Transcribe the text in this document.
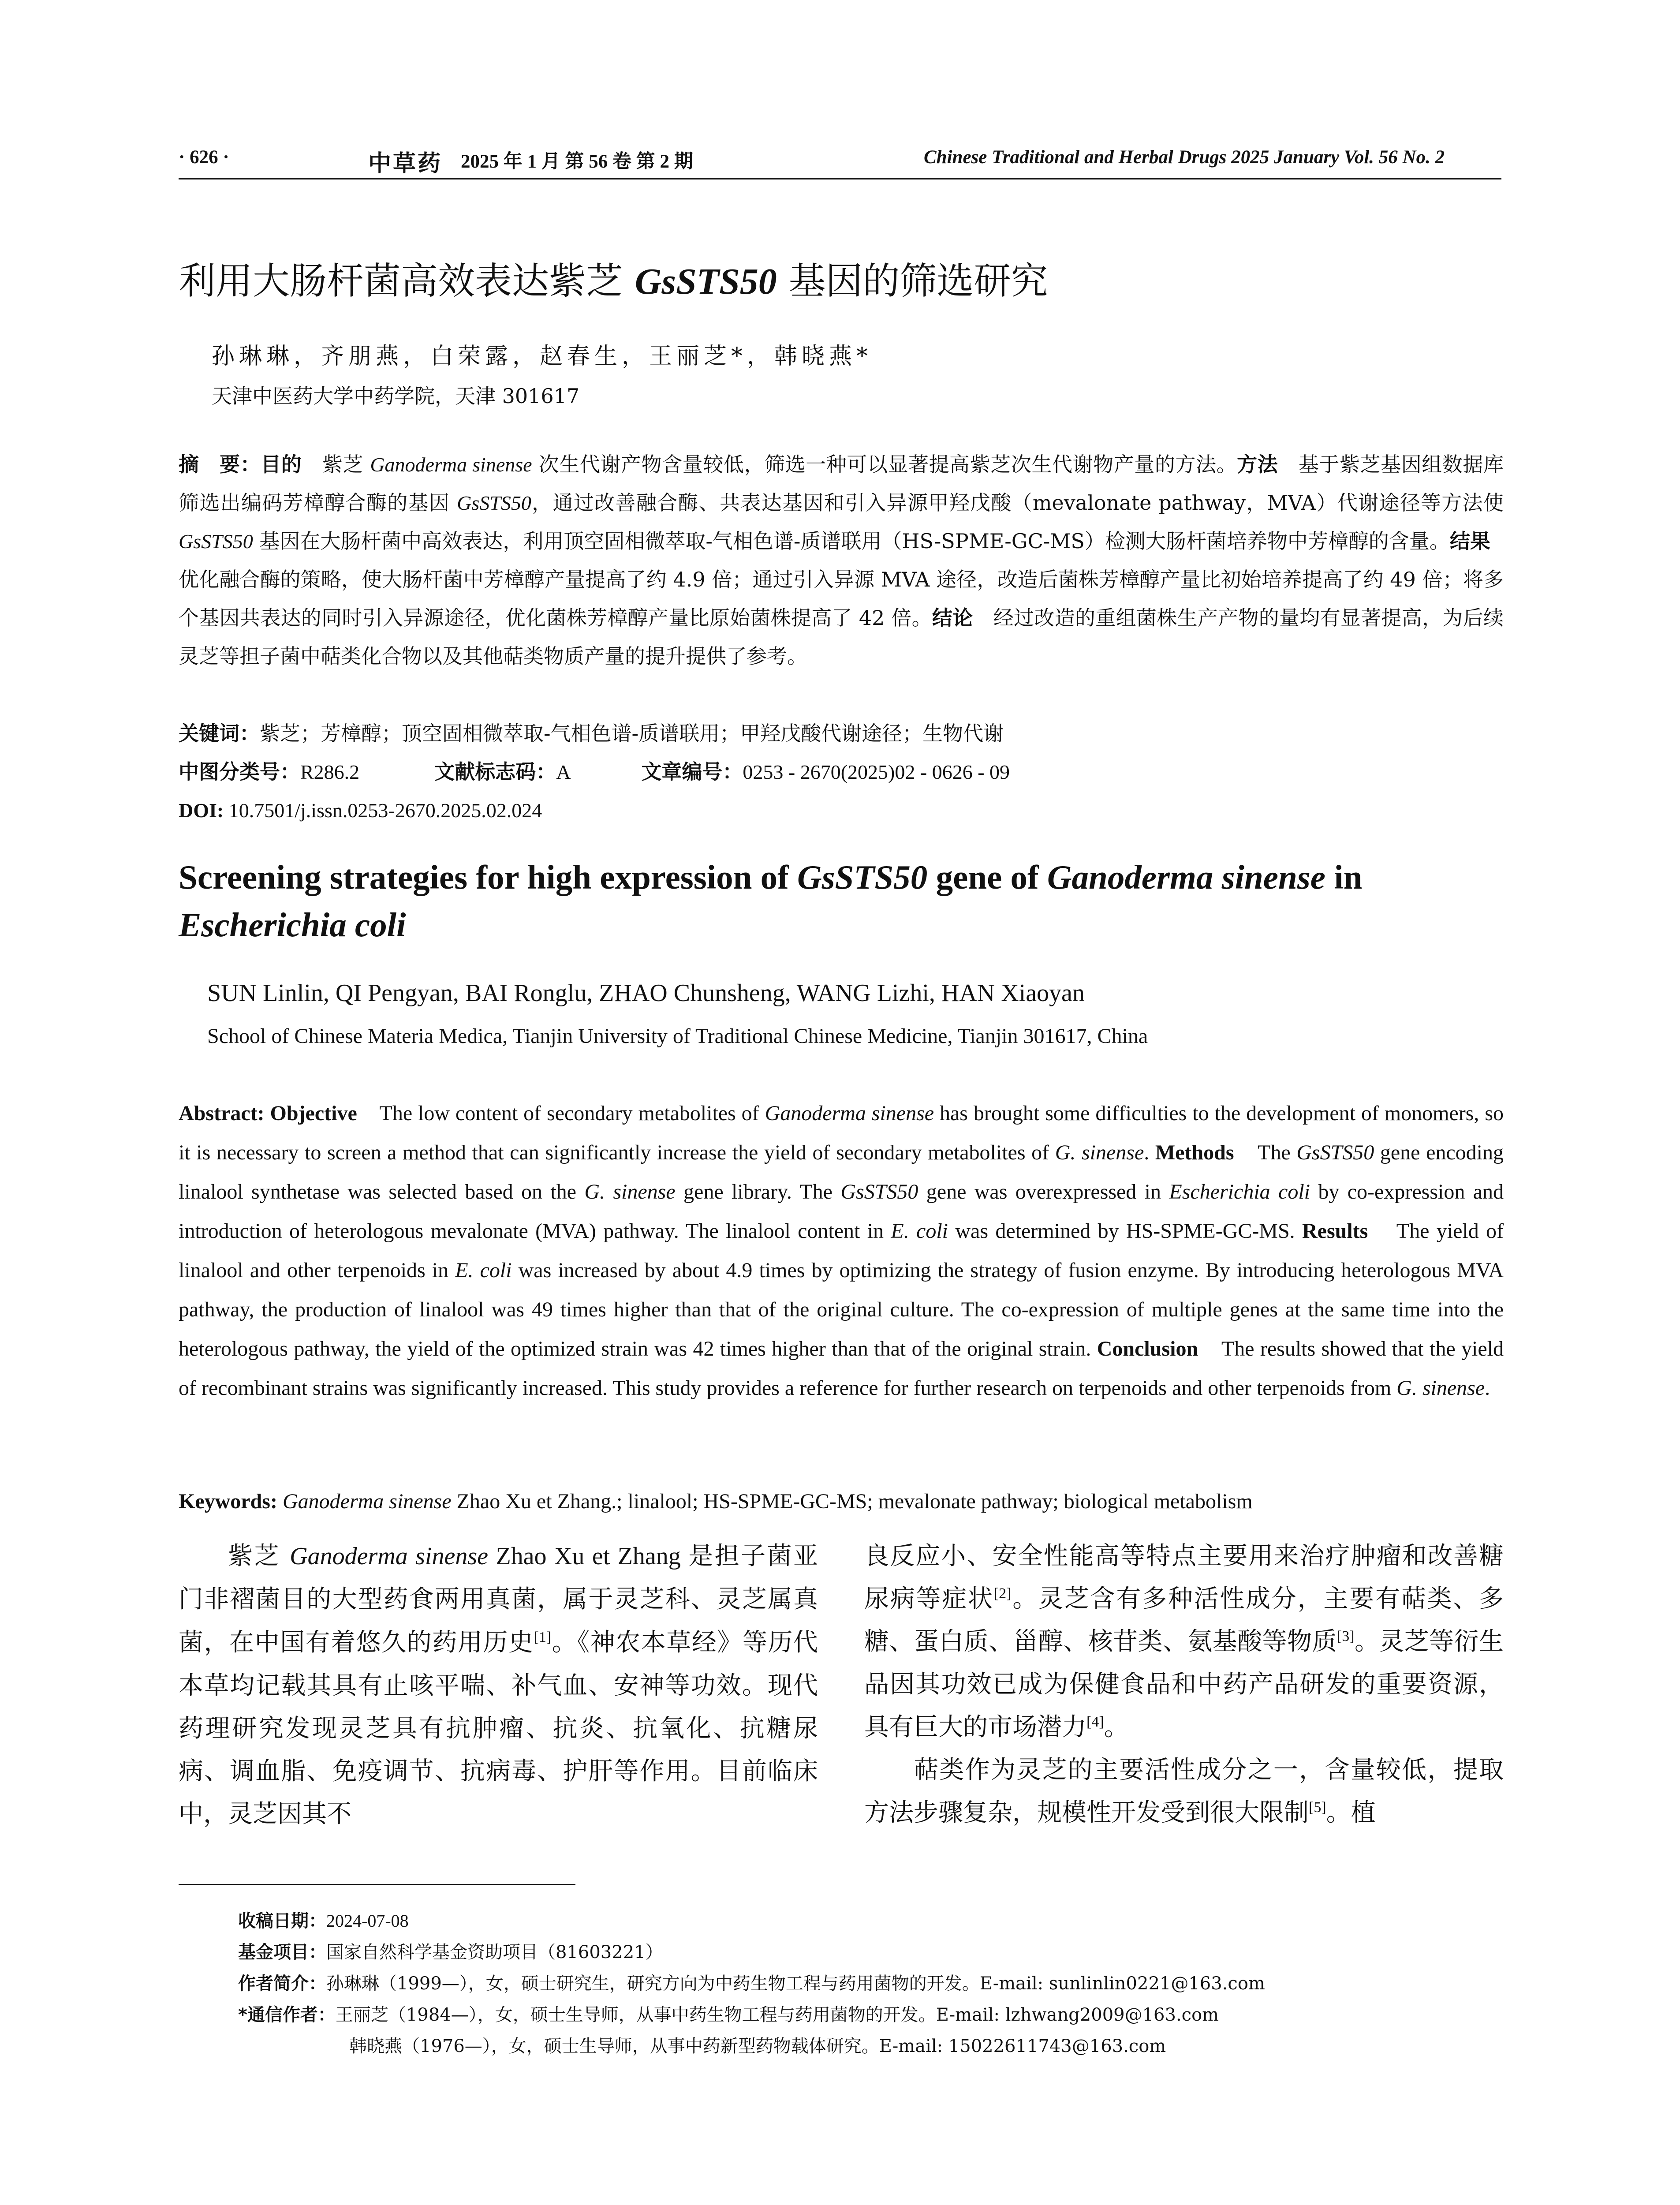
· 626 ·	中草药 2025 年 1 月 第 56 卷 第 2 期	Chinese Traditional and Herbal Drugs 2025 January Vol. 56 No. 2
利用大肠杆菌高效表达紫芝 GsSTS50 基因的筛选研究
孙琳琳，齐朋燕，白荣露，赵春生，王丽芝*，韩晓燕*
天津中医药大学中药学院，天津 301617
摘　要：目的　紫芝 Ganoderma sinense 次生代谢产物含量较低，筛选一种可以显著提高紫芝次生代谢物产量的方法。方法　基于紫芝基因组数据库筛选出编码芳樟醇合酶的基因 GsSTS50，通过改善融合酶、共表达基因和引入异源甲羟戊酸（mevalonate pathway，MVA）代谢途径等方法使 GsSTS50 基因在大肠杆菌中高效表达，利用顶空固相微萃取-气相色谱-质谱联用（HS-SPME-GC-MS）检测大肠杆菌培养物中芳樟醇的含量。结果　优化融合酶的策略，使大肠杆菌中芳樟醇产量提高了约 4.9 倍；通过引入异源 MVA 途径，改造后菌株芳樟醇产量比初始培养提高了约 49 倍；将多个基因共表达的同时引入异源途径，优化菌株芳樟醇产量比原始菌株提高了 42 倍。结论　经过改造的重组菌株生产产物的量均有显著提高，为后续灵芝等担子菌中萜类化合物以及其他萜类物质产量的提升提供了参考。
关键词：紫芝；芳樟醇；顶空固相微萃取-气相色谱-质谱联用；甲羟戊酸代谢途径；生物代谢
中图分类号：R286.2	文献标志码：A	文章编号：0253 - 2670(2025)02 - 0626 - 09
DOI: 10.7501/j.issn.0253-2670.2025.02.024
Screening strategies for high expression of GsSTS50 gene of Ganoderma sinense in Escherichia coli
SUN Linlin, QI Pengyan, BAI Ronglu, ZHAO Chunsheng, WANG Lizhi, HAN Xiaoyan
School of Chinese Materia Medica, Tianjin University of Traditional Chinese Medicine, Tianjin 301617, China
Abstract: Objective    The low content of secondary metabolites of Ganoderma sinense has brought some difficulties to the development of monomers, so it is necessary to screen a method that can significantly increase the yield of secondary metabolites of G. sinense. Methods    The GsSTS50 gene encoding linalool synthetase was selected based on the G. sinense gene library. The GsSTS50 gene was overexpressed in Escherichia coli by co-expression and introduction of heterologous mevalonate (MVA) pathway. The linalool content in E. coli was determined by HS-SPME-GC-MS. Results    The yield of linalool and other terpenoids in E. coli was increased by about 4.9 times by optimizing the strategy of fusion enzyme. By introducing heterologous MVA pathway, the production of linalool was 49 times higher than that of the original culture. The co-expression of multiple genes at the same time into the heterologous pathway, the yield of the optimized strain was 42 times higher than that of the original strain. Conclusion    The results showed that the yield of recombinant strains was significantly increased. This study provides a reference for further research on terpenoids and other terpenoids from G. sinense.
Keywords: Ganoderma sinense Zhao Xu et Zhang.; linalool; HS-SPME-GC-MS; mevalonate pathway; biological metabolism

紫芝 Ganoderma sinense Zhao Xu et Zhang 是担子菌亚门非褶菌目的大型药食两用真菌，属于灵芝科、灵芝属真菌，在中国有着悠久的药用历史[1]。《神农本草经》等历代本草均记载其具有止咳平喘、补气血、安神等功效。现代药理研究发现灵芝具有抗肿瘤、抗炎、抗氧化、抗糖尿病、调血脂、免疫调节、抗病毒、护肝等作用。目前临床中，灵芝因其不

良反应小、安全性能高等特点主要用来治疗肿瘤和改善糖尿病等症状[2]。灵芝含有多种活性成分，主要有萜类、多糖、蛋白质、甾醇、核苷类、氨基酸等物质[3]。灵芝等衍生品因其功效已成为保健食品和中药产品研发的重要资源，具有巨大的市场潜力[4]。

萜类作为灵芝的主要活性成分之一，含量较低，提取方法步骤复杂，规模性开发受到很大限制[5]。植

收稿日期：2024-07-08
基金项目：国家自然科学基金资助项目（81603221）
作者简介：孙琳琳（1999—），女，硕士研究生，研究方向为中药生物工程与药用菌物的开发。E-mail: sunlinlin0221@163.com
*通信作者：王丽芝（1984—），女，硕士生导师，从事中药生物工程与药用菌物的开发。E-mail: lzhwang2009@163.com
韩晓燕（1976—），女，硕士生导师，从事中药新型药物载体研究。E-mail: 15022611743@163.com
